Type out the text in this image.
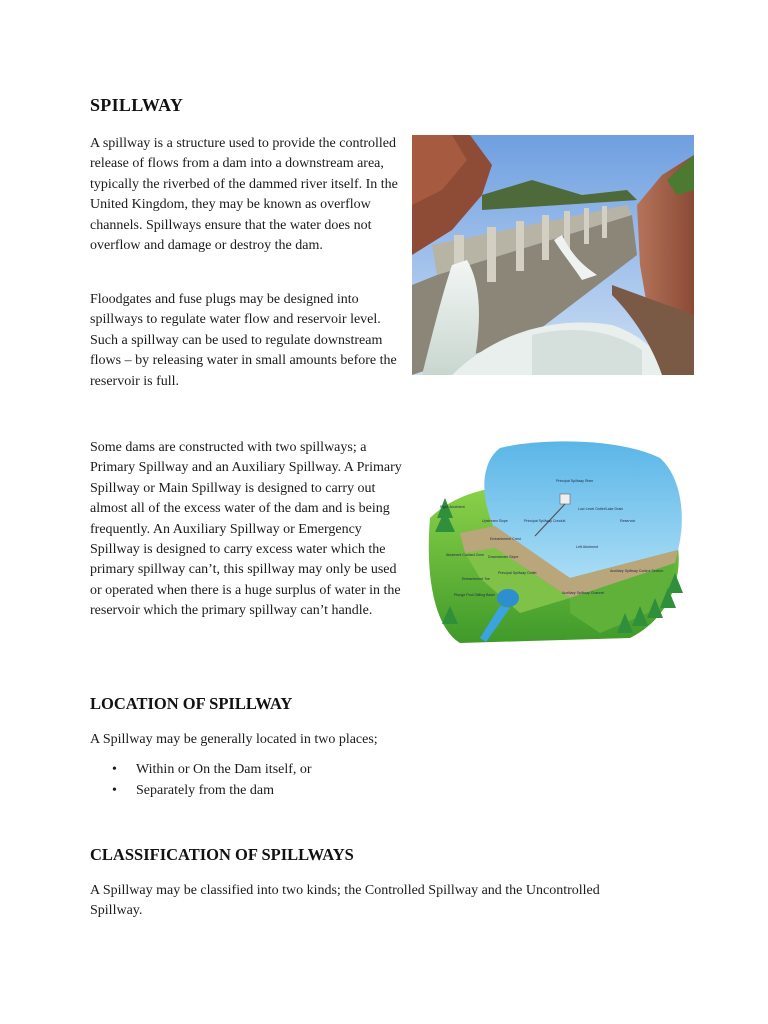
SPILLWAY

A spillway is a structure used to provide the controlled release of flows from a dam into a downstream area, typically the riverbed of the dammed river itself. In the United Kingdom, they may be known as overflow channels. Spillways ensure that the water does not overflow and damage or destroy the dam.

Floodgates and fuse plugs may be designed into spillways to regulate water flow and reservoir level. Such a spillway can be used to regulate downstream flows – by releasing water in small amounts before the reservoir is full.

Some dams are constructed with two spillways; a Primary Spillway and an Auxiliary Spillway. A Primary Spillway or Main Spillway is designed to carry out almost all of the excess water of the dam and is being frequently. An Auxiliary Spillway or Emergency Spillway is designed to carry excess water which the primary spillway can’t, this spillway may only be used or operated when there is a huge surplus of water in the reservoir which the primary spillway can’t handle.

Principal Spillway Riser
Low Level Outlet/Lake Drain
Upstream Slope	Principal Spillway Conduit	Reservoir
Right Abutment
Embankment Crest
Left Abutment
Abutment Contact Zone Downstream Slope
Auxiliary Spillway Control Section
Embankment Toe
Principal Spillway Outlet
Auxiliary Spillway Channel
Plunge Pool Stilling Basin
LOCATION OF SPILLWAY

A Spillway may be generally located in two places;

• Within or On the Dam itself, or
• Separately from the dam
CLASSIFICATION OF SPILLWAYS

A Spillway may be classified into two kinds; the Controlled Spillway and the Uncontrolled Spillway.
